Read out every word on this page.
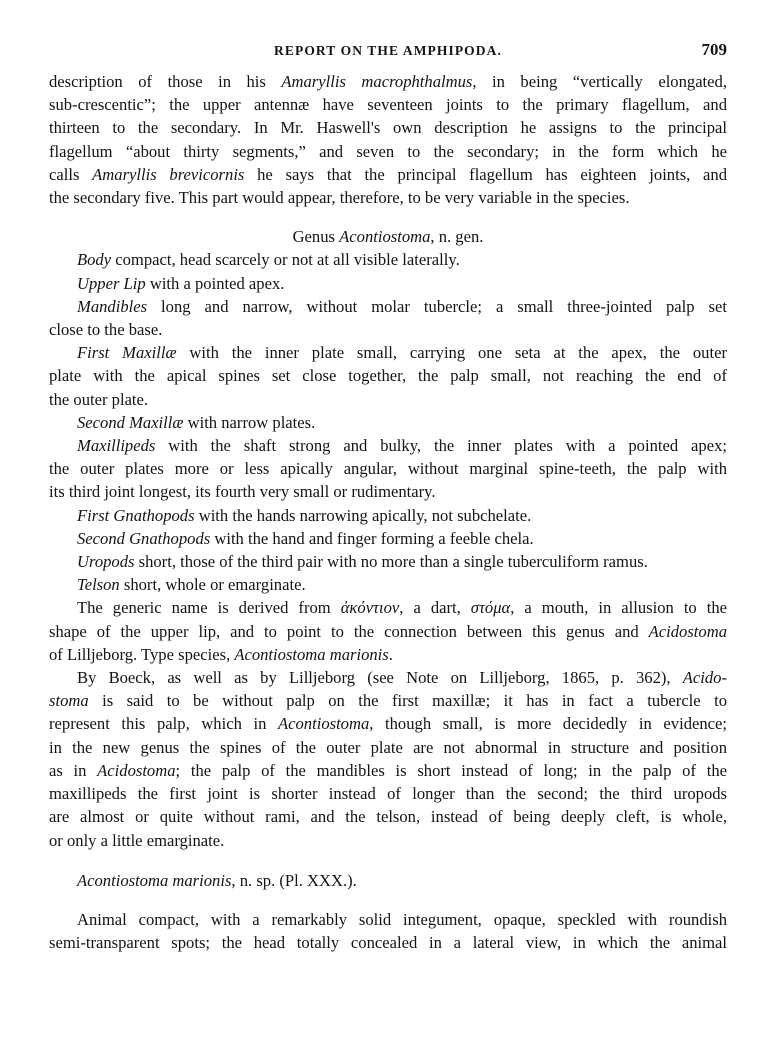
REPORT ON THE AMPHIPODA.	709
description of those in his Amaryllis macrophthalmus, in being “vertically elongated,
sub-crescentic”; the upper antennæ have seventeen joints to the primary flagellum, and
thirteen to the secondary. In Mr. Haswell's own description he assigns to the principal
flagellum “about thirty segments,” and seven to the secondary; in the form which he
calls Amaryllis brevicornis he says that the principal flagellum has eighteen joints, and
the secondary five. This part would appear, therefore, to be very variable in the species.
Genus Acontiostoma, n. gen.
Body compact, head scarcely or not at all visible laterally.
Upper Lip with a pointed apex.
Mandibles long and narrow, without molar tubercle; a small three-jointed palp set
close to the base.
First Maxillæ with the inner plate small, carrying one seta at the apex, the outer
plate with the apical spines set close together, the palp small, not reaching the end of
the outer plate.
Second Maxillæ with narrow plates.
Maxillipeds with the shaft strong and bulky, the inner plates with a pointed apex;
the outer plates more or less apically angular, without marginal spine-teeth, the palp with
its third joint longest, its fourth very small or rudimentary.
First Gnathopods with the hands narrowing apically, not subchelate.
Second Gnathopods with the hand and finger forming a feeble chela.
Uropods short, those of the third pair with no more than a single tuberculiform ramus.
Telson short, whole or emarginate.
The generic name is derived from ἀκόντιον, a dart, στόμα, a mouth, in allusion to the
shape of the upper lip, and to point to the connection between this genus and Acidostoma
of Lilljeborg. Type species, Acontiostoma marionis.
By Boeck, as well as by Lilljeborg (see Note on Lilljeborg, 1865, p. 362), Acido-
stoma is said to be without palp on the first maxillæ; it has in fact a tubercle to
represent this palp, which in Acontiostoma, though small, is more decidedly in evidence;
in the new genus the spines of the outer plate are not abnormal in structure and position
as in Acidostoma; the palp of the mandibles is short instead of long; in the palp of the
maxillipeds the first joint is shorter instead of longer than the second; the third uropods
are almost or quite without rami, and the telson, instead of being deeply cleft, is whole,
or only a little emarginate.
Acontiostoma marionis, n. sp. (Pl. XXX.).
Animal compact, with a remarkably solid integument, opaque, speckled with roundish
semi-transparent spots; the head totally concealed in a lateral view, in which the animal
